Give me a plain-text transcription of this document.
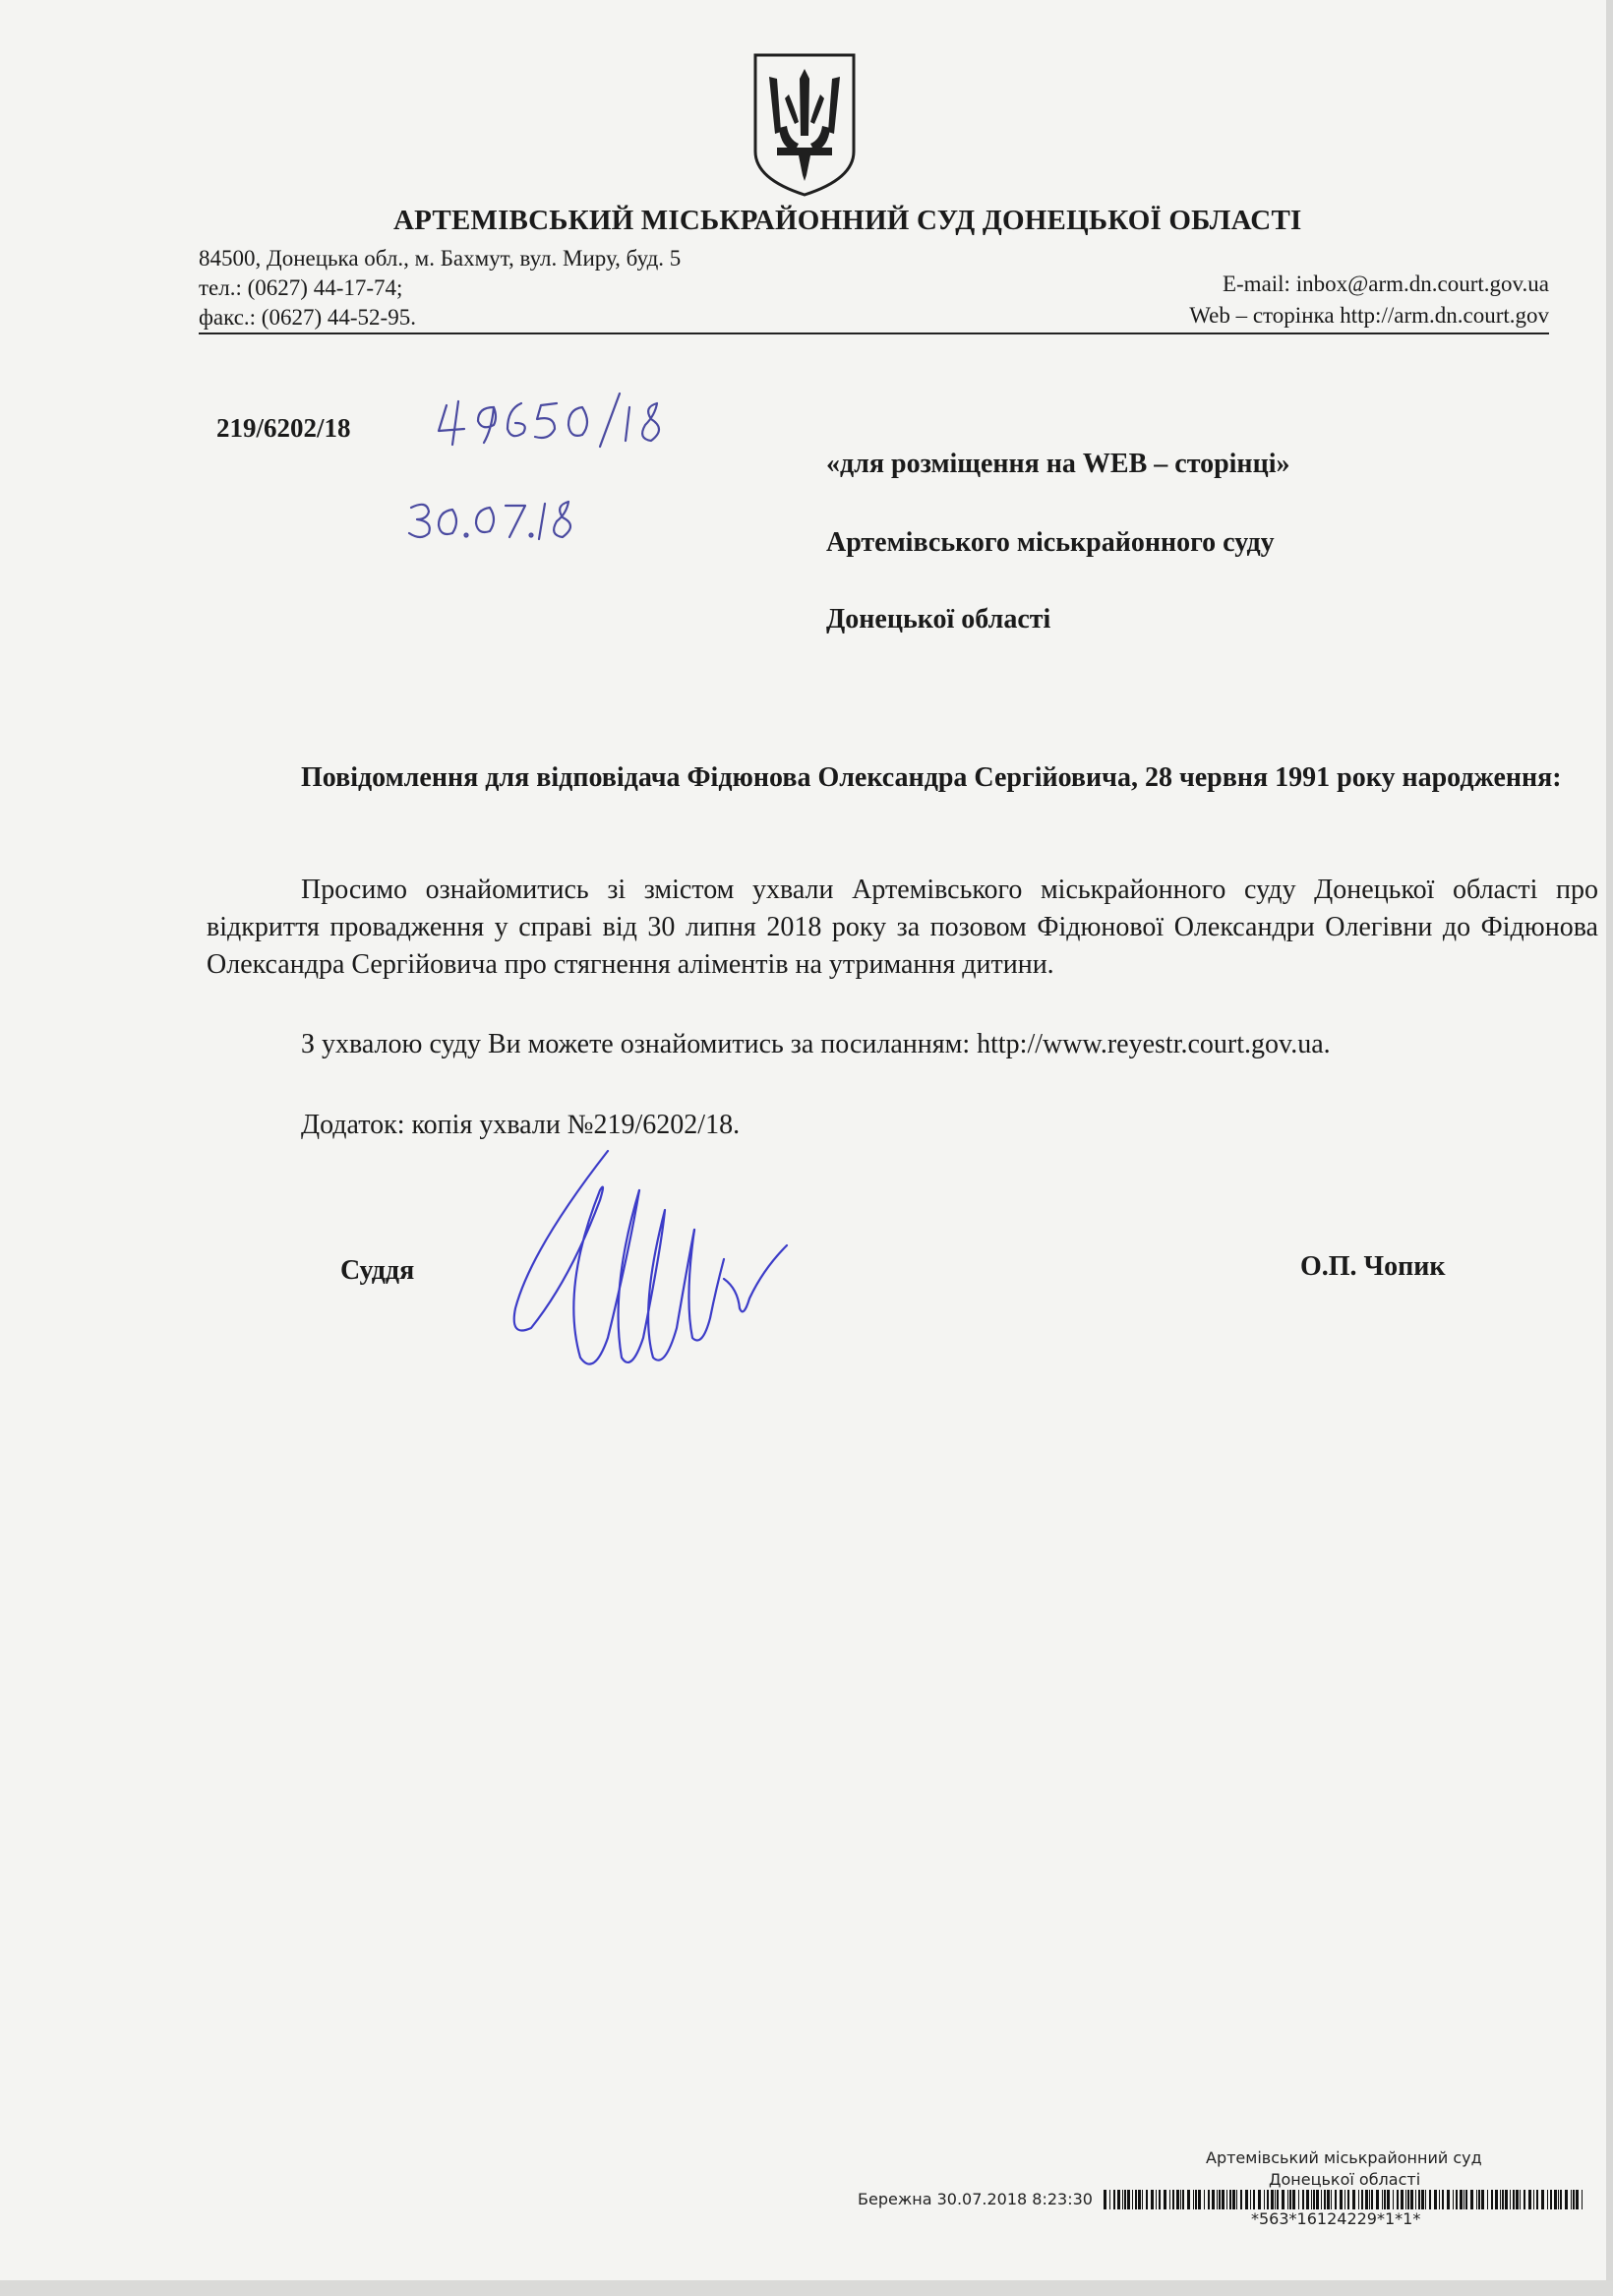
АРТЕМІВСЬКИЙ МІСЬКРАЙОННИЙ СУД ДОНЕЦЬКОЇ ОБЛАСТІ
84500, Донецька обл., м. Бахмут, вул. Миру, буд. 5
тел.: (0627) 44-17-74;
факс.: (0627) 44-52-95.
E-mail: inbox@arm.dn.court.gov.ua
Web – сторінка http://arm.dn.court.gov
219/6202/18
«для розміщення на WEB – сторінці»
Артемівського міськрайонного суду
Донецької області
Повідомлення для відповідача Фідюнова Олександра Сергійовича, 28 червня 1991 року народження:
Просимо ознайомитись зі змістом ухвали Артемівського міськрайонного суду Донецької області про відкриття провадження у справі від 30 липня 2018 року за позовом Фідюнової Олександри Олегівни до Фідюнова Олександра Сергійовича про стягнення аліментів на утримання дитини.
З ухвалою суду Ви можете ознайомитись за посиланням: http://www.reyestr.court.gov.ua.
Додаток: копія ухвали №219/6202/18.
Суддя	О.П. Чопик
Артемівський міськрайонний суд
Донецької області
Бережна 30.07.2018 8:23:30
*563*16124229*1*1*
